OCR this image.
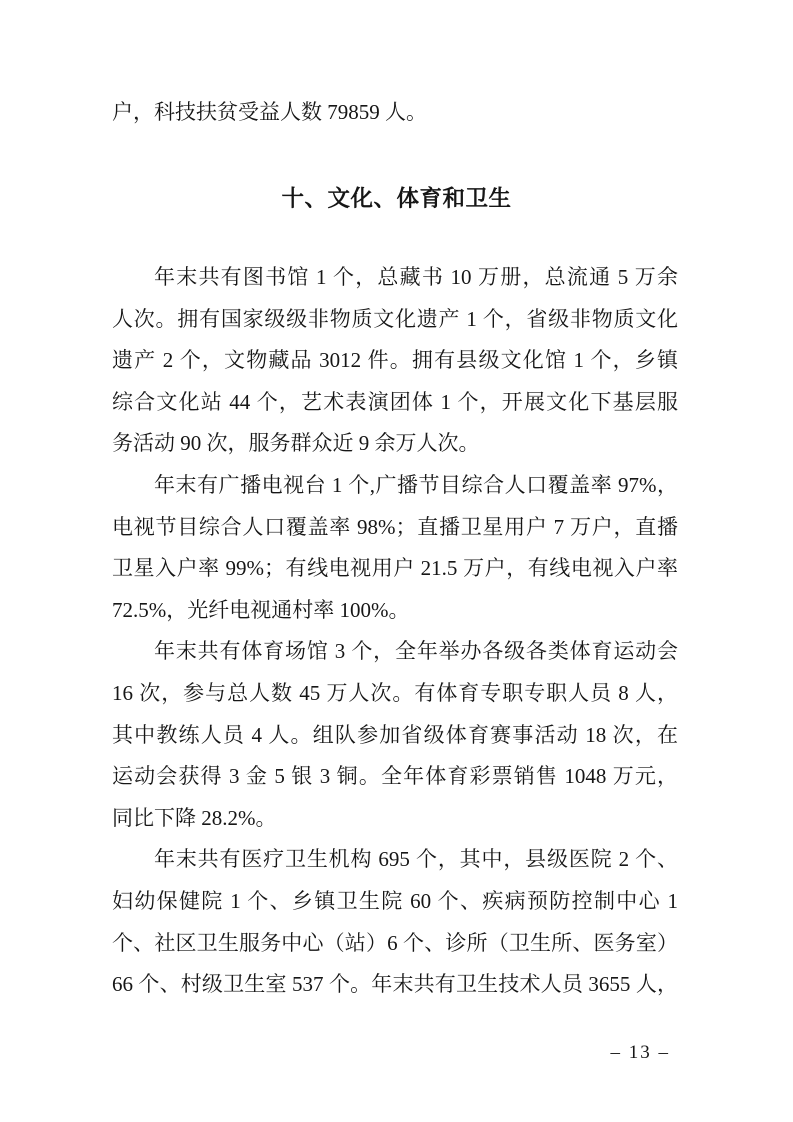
户，科技扶贫受益人数 79859 人。
十、文化、体育和卫生
年末共有图书馆 1 个，总藏书 10 万册，总流通 5 万余
人次。拥有国家级级非物质文化遗产 1 个，省级非物质文化
遗产 2 个，文物藏品 3012 件。拥有县级文化馆 1 个，乡镇
综合文化站 44 个，艺术表演团体 1 个，开展文化下基层服
务活动 90 次，服务群众近 9 余万人次。
年末有广播电视台 1 个,广播节目综合人口覆盖率 97%，
电视节目综合人口覆盖率 98%；直播卫星用户 7 万户，直播
卫星入户率 99%；有线电视用户 21.5 万户，有线电视入户率
72.5%，光纤电视通村率 100%。
年末共有体育场馆 3 个，全年举办各级各类体育运动会
16 次，参与总人数 45 万人次。有体育专职专职人员 8 人，
其中教练人员 4 人。组队参加省级体育赛事活动 18 次，在
运动会获得 3 金 5 银 3 铜。全年体育彩票销售 1048 万元，
同比下降 28.2%。
年末共有医疗卫生机构 695 个，其中，县级医院 2 个、
妇幼保健院 1 个、乡镇卫生院 60 个、疾病预防控制中心 1
个、社区卫生服务中心（站）6 个、诊所（卫生所、医务室）
66 个、村级卫生室 537 个。年末共有卫生技术人员 3655 人，
– 13 –
